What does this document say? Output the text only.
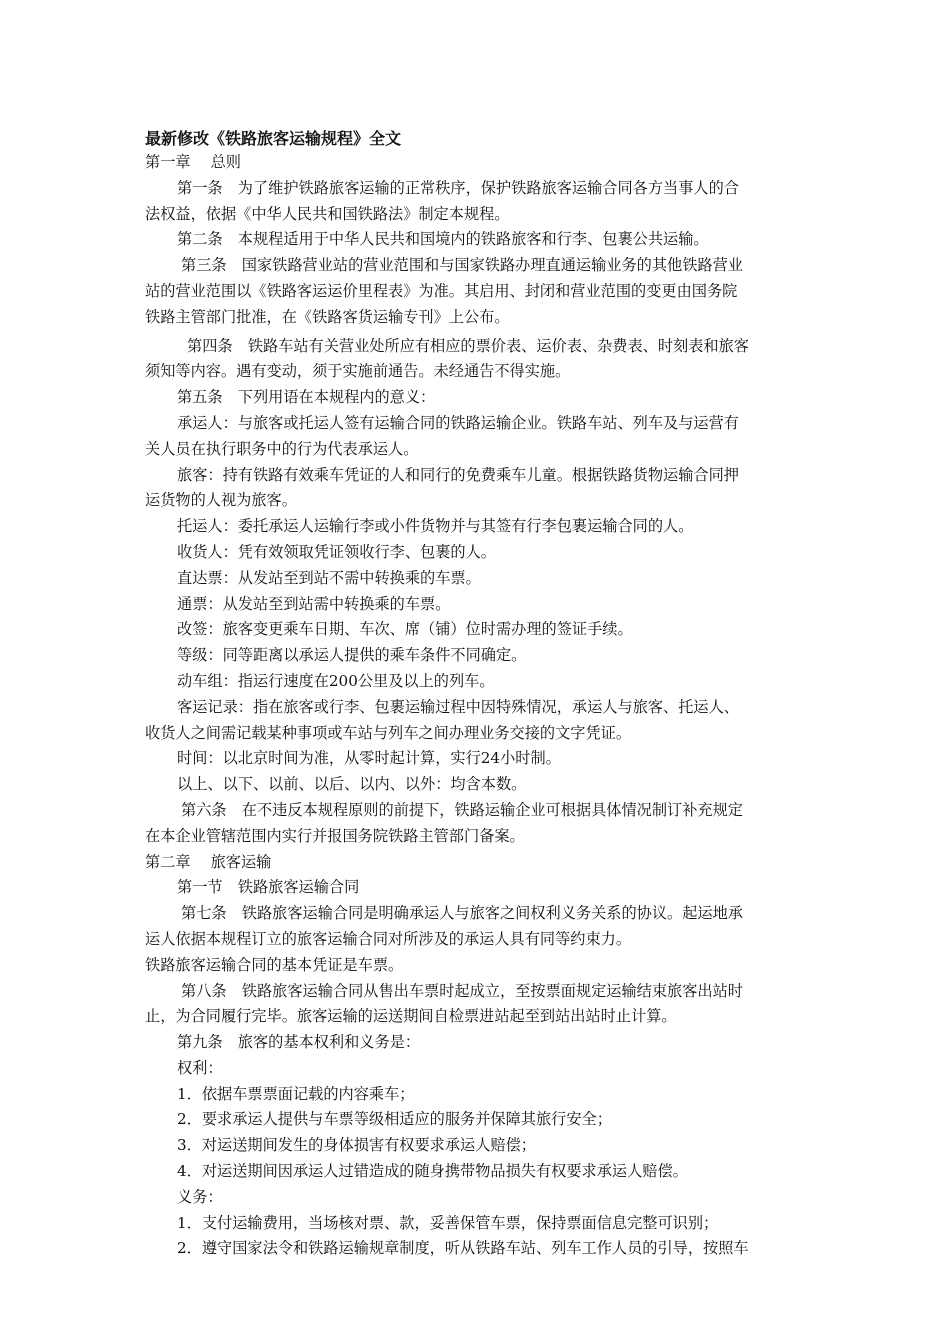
最新修改《铁路旅客运输规程》全文
第一章　 总则
第一条　为了维护铁路旅客运输的正常秩序，保护铁路旅客运输合同各方当事人的合
法权益，依据《中华人民共和国铁路法》制定本规程。
第二条　本规程适用于中华人民共和国境内的铁路旅客和行李、包裹公共运输。
第三条　国家铁路营业站的营业范围和与国家铁路办理直通运输业务的其他铁路营业
站的营业范围以《铁路客运运价里程表》为准。其启用、封闭和营业范围的变更由国务院
铁路主管部门批准，在《铁路客货运输专刊》上公布。
第四条　铁路车站有关营业处所应有相应的票价表、运价表、杂费表、时刻表和旅客
须知等内容。遇有变动，须于实施前通告。未经通告不得实施。
第五条　下列用语在本规程内的意义：
承运人：与旅客或托运人签有运输合同的铁路运输企业。铁路车站、列车及与运营有
关人员在执行职务中的行为代表承运人。
旅客：持有铁路有效乘车凭证的人和同行的免费乘车儿童。根据铁路货物运输合同押
运货物的人视为旅客。
托运人：委托承运人运输行李或小件货物并与其签有行李包裹运输合同的人。
收货人：凭有效领取凭证领收行李、包裹的人。
直达票：从发站至到站不需中转换乘的车票。
通票：从发站至到站需中转换乘的车票。
改签：旅客变更乘车日期、车次、席（铺）位时需办理的签证手续。
等级：同等距离以承运人提供的乘车条件不同确定。
动车组：指运行速度在200公里及以上的列车。
客运记录：指在旅客或行李、包裹运输过程中因特殊情况，承运人与旅客、托运人、
收货人之间需记载某种事项或车站与列车之间办理业务交接的文字凭证。
时间：以北京时间为准，从零时起计算，实行24小时制。
以上、以下、以前、以后、以内、以外：均含本数。
第六条　在不违反本规程原则的前提下，铁路运输企业可根据具体情况制订补充规定
在本企业管辖范围内实行并报国务院铁路主管部门备案。
第二章　 旅客运输
第一节　铁路旅客运输合同
第七条　铁路旅客运输合同是明确承运人与旅客之间权利义务关系的协议。起运地承
运人依据本规程订立的旅客运输合同对所涉及的承运人具有同等约束力。
铁路旅客运输合同的基本凭证是车票。
第八条　铁路旅客运输合同从售出车票时起成立，至按票面规定运输结束旅客出站时
止，为合同履行完毕。旅客运输的运送期间自检票进站起至到站出站时止计算。
第九条　旅客的基本权利和义务是：
权利：
1．依据车票票面记载的内容乘车；
2．要求承运人提供与车票等级相适应的服务并保障其旅行安全；
3．对运送期间发生的身体损害有权要求承运人赔偿；
4．对运送期间因承运人过错造成的随身携带物品损失有权要求承运人赔偿。
义务：
1．支付运输费用，当场核对票、款，妥善保管车票，保持票面信息完整可识别；
2．遵守国家法令和铁路运输规章制度，听从铁路车站、列车工作人员的引导，按照车
